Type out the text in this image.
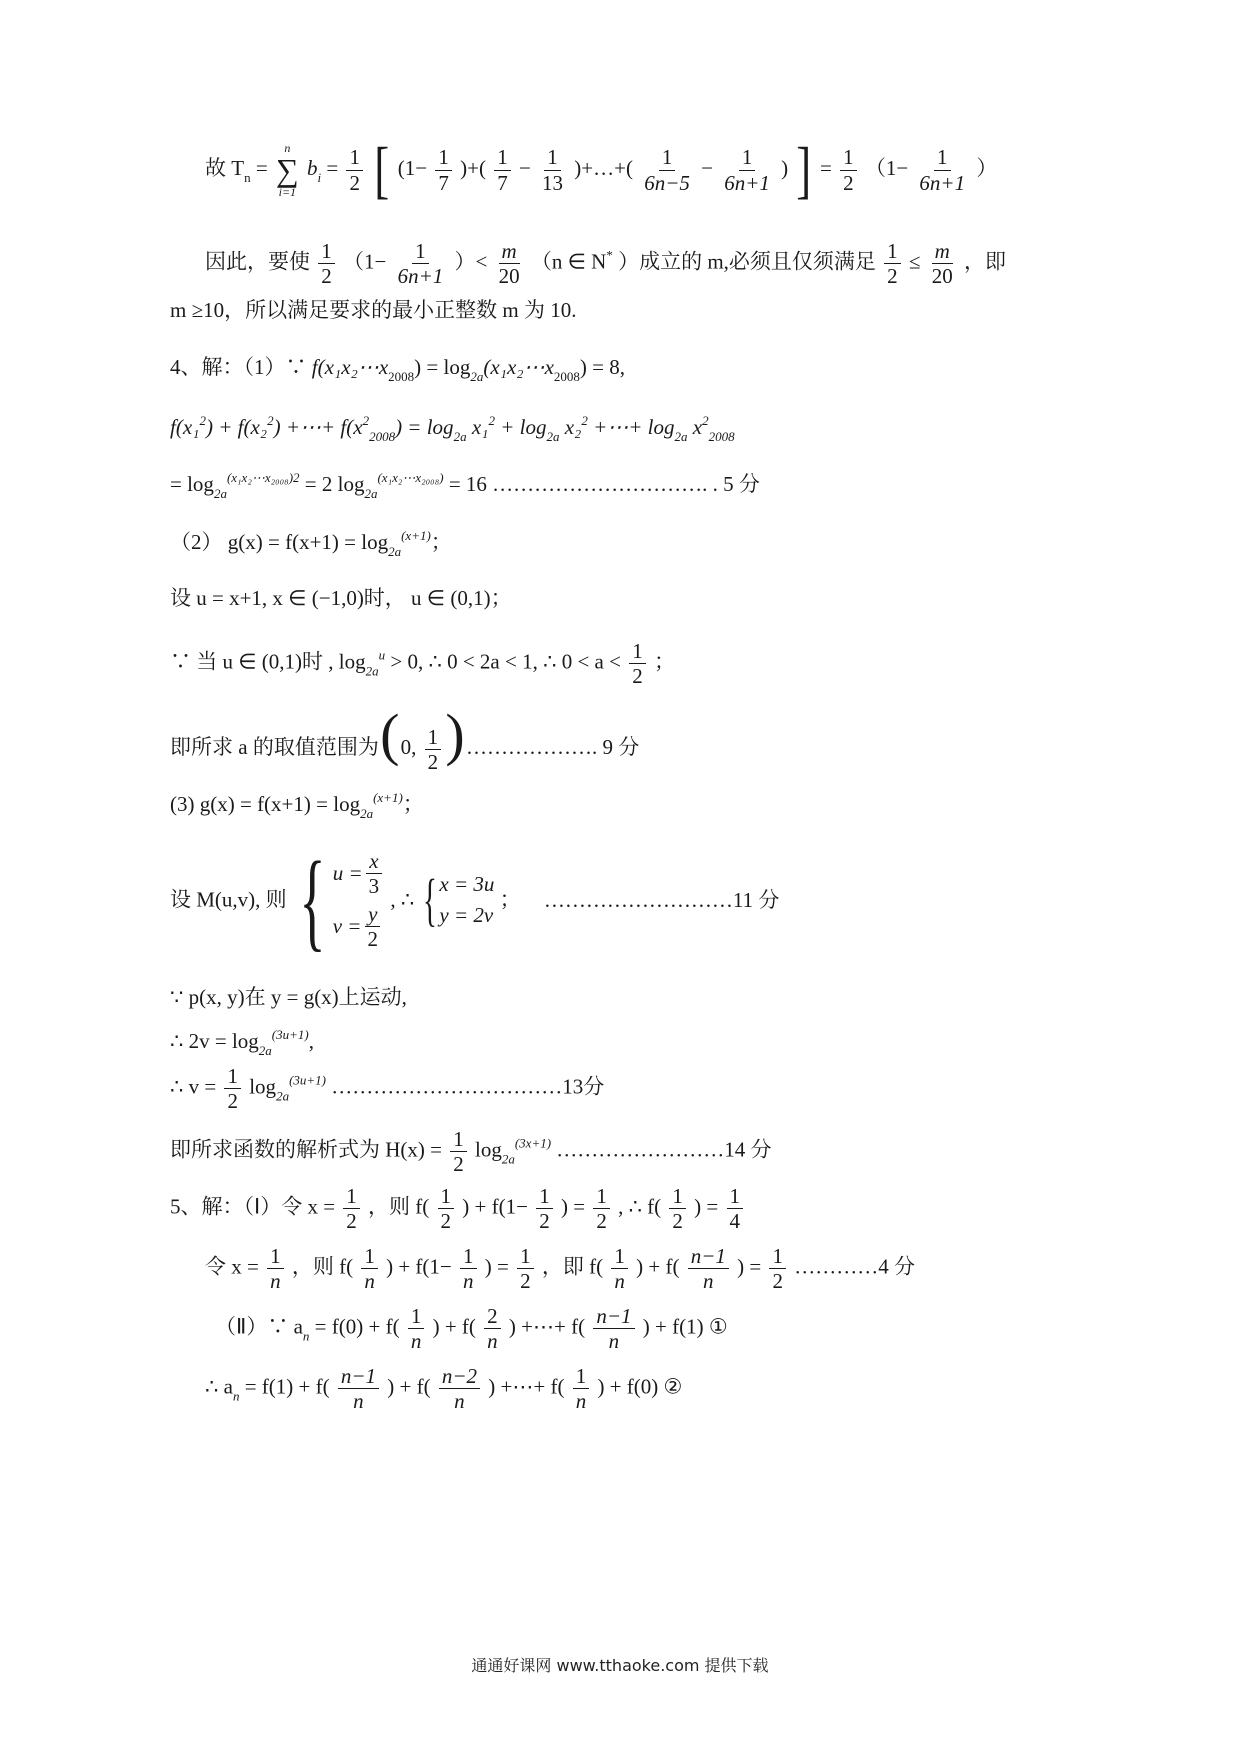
故 $T_n$ =
n
∑
i=1
$b_i = \frac{1}{2}$ [ ($1- \frac{1}{7}$ )+( $\frac{1}{7} - \frac{1}{13}$ )+…+( $\frac{1}{6n-5} - \frac{1}{6n+1}$ ) ] = $\frac{1}{2} (1- \frac{1}{6n+1}$ ）
因此，要使 $\frac{1}{2} (1- \frac{1}{6n+1}$ ）< $\frac{m}{20} (n$ ∈ N* ）成立的 m,必须且仅须满足 $\frac{1}{2} \le \frac{m}{20}$ ，即
m ≥10，所以满足要求的最小正整数 m 为 10.
4、解：（1）∵ $f(x_1x_2\cdots x_{2008})$ = $\log_{2a}(x_1x_2\cdots x_{2008}) = 8$,
f(x₁$^2$) + f(x₂$^2$) +⋯+ $f(x^2_{2008}) = \log_{2a} x_1^2 + \log_{2a} x_2^2$ +⋯+ $\log_{2a} x^2_{2008}$
= $\log_{2a}^{(x_1x_2\cdots x_{2008})2} = 2$ $\log_{2a}^{(x_1x_2\cdots x_{2008})} = 16$ …………………………. . 5 分
（2） $g(x) = f(x+1) = \log_{2a}^{(x+1)}$；
设 u = x+1, x ∈ (−1,0)时， u ∈ (0,1)；
∵ 当 u ∈ (0,1)时 , $\log_{2a}^u > 0$, ∴ 0 < 2a < 1, ∴ $0 < a < \frac{1}{2}$ ；
即所求 a 的取值范围为 ( 0, $\frac{1}{2}$ ) ………………. 9 分
(3) $g(x) = f(x+1) = \log_{2a}^{(x+1)}$；
设 M(u,v), 则 { $u = \frac{x}{3}$
$v = \frac{y}{2}$
, ∴ { x = 3u
y = 2v
； ………………………11 分
∵ p(x, y)在 y = g(x)上运动,
∴ $2v = \log_{2a}^{(3u+1)}$,
∴ $v = \frac{1}{2} \log_{2a}^{(3u+1)}$ ……………………………13分
即所求函数的解析式为 $H(x) = \frac{1}{2} \log_{2a}^{(3x+1)}$ ……………………14 分
5、解：（Ⅰ）令 $x = \frac{1}{2}$ ，则 $f( \frac{1}{2}$ ) + $f(1- \frac{1}{2}$ ) = $\frac{1}{2}$ , ∴ $f( \frac{1}{2}$ ) = $\frac{1}{4}$
令 $x = \frac{1}{n}$ ，则 $f( \frac{1}{n}$ ) + $f(1- \frac{1}{n}$ ) = $\frac{1}{2}$ ，即 $f( \frac{1}{n}$ ) + $f( \frac{n-1}{n}$ ) = $\frac{1}{2}$ …………4 分
（Ⅱ）∵ $a_n = f(0) + f( \frac{1}{n}$ ) + $f( \frac{2}{n}$ ) +⋯+ $f( \frac{n-1}{n}$ ) + f(1) ①
∴ $a_n = f(1) + f( \frac{n-1}{n}$ ) + $f( \frac{n-2}{n}$ ) +⋯+ $f( \frac{1}{n}$ ) + f(0) ②
通通好课网 www.tthaoke.com 提供下载
